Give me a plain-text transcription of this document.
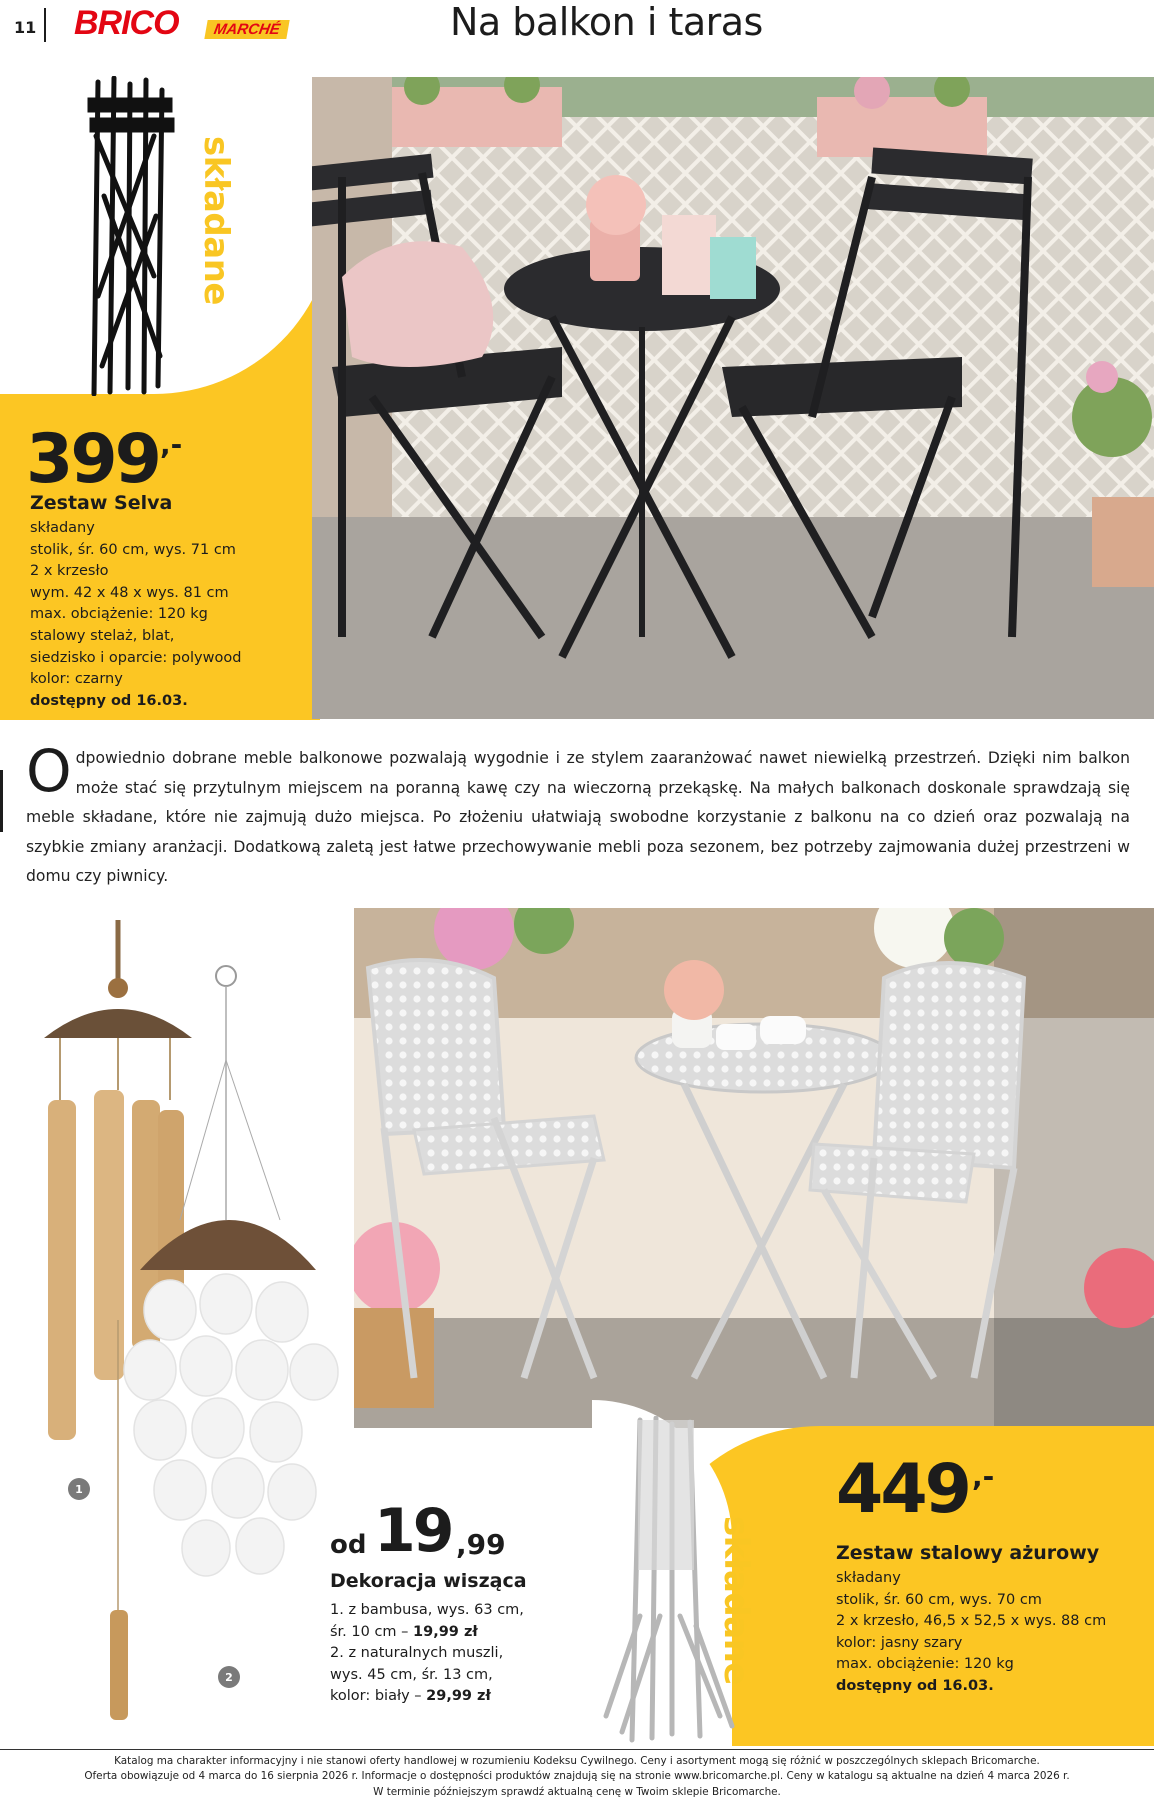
11 BRICO	MARCHÉ	Na balkon i taras
składane
399 ,-
Zestaw Selva
składany
stolik, śr. 60 cm, wys. 71 cm
2 x krzesło
wym. 42 x 48 x wys. 81 cm
max. obciążenie: 120 kg
stalowy stelaż, blat,
siedzisko i oparcie: polywood
kolor: czarny
dostępny od 16.03.
Odpowiednio dobrane meble balkonowe pozwalają wygodnie i ze stylem zaaranżować nawet niewielką przestrzeń. Dzięki nim balkon może stać się przytulnym miejscem na poranną kawę czy na wieczorną przekąskę. Na małych balkonach doskonale sprawdzają się meble składane, które nie zajmują dużo miejsca. Po złożeniu ułatwiają swobodne korzystanie z balkonu na co dzień oraz pozwalają na szybkie zmiany aranżacji. Dodatkową zaletą jest łatwe przechowywanie mebli poza sezonem, bez potrzeby zajmowania dużej przestrzeni w domu czy piwnicy.
1
2
od 19 ,99
Dekoracja wisząca
1. z bambusa, wys. 63 cm,
śr. 10 cm – 19,99 zł
2. z naturalnych muszli,
wys. 45 cm, śr. 13 cm,
kolor: biały – 29,99 zł
składane
449 ,-
Zestaw stalowy ażurowy
składany
stolik, śr. 60 cm, wys. 70 cm
2 x krzesło, 46,5 x 52,5 x wys. 88 cm
kolor: jasny szary
max. obciążenie: 120 kg
dostępny od 16.03.
Katalog ma charakter informacyjny i nie stanowi oferty handlowej w rozumieniu Kodeksu Cywilnego. Ceny i asortyment mogą się różnić w poszczególnych sklepach Bricomarche.
Oferta obowiązuje od 4 marca do 16 sierpnia 2026 r. Informacje o dostępności produktów znajdują się na stronie www.bricomarche.pl. Ceny w katalogu są aktualne na dzień 4 marca 2026 r.
W terminie późniejszym sprawdź aktualną cenę w Twoim sklepie Bricomarche.
